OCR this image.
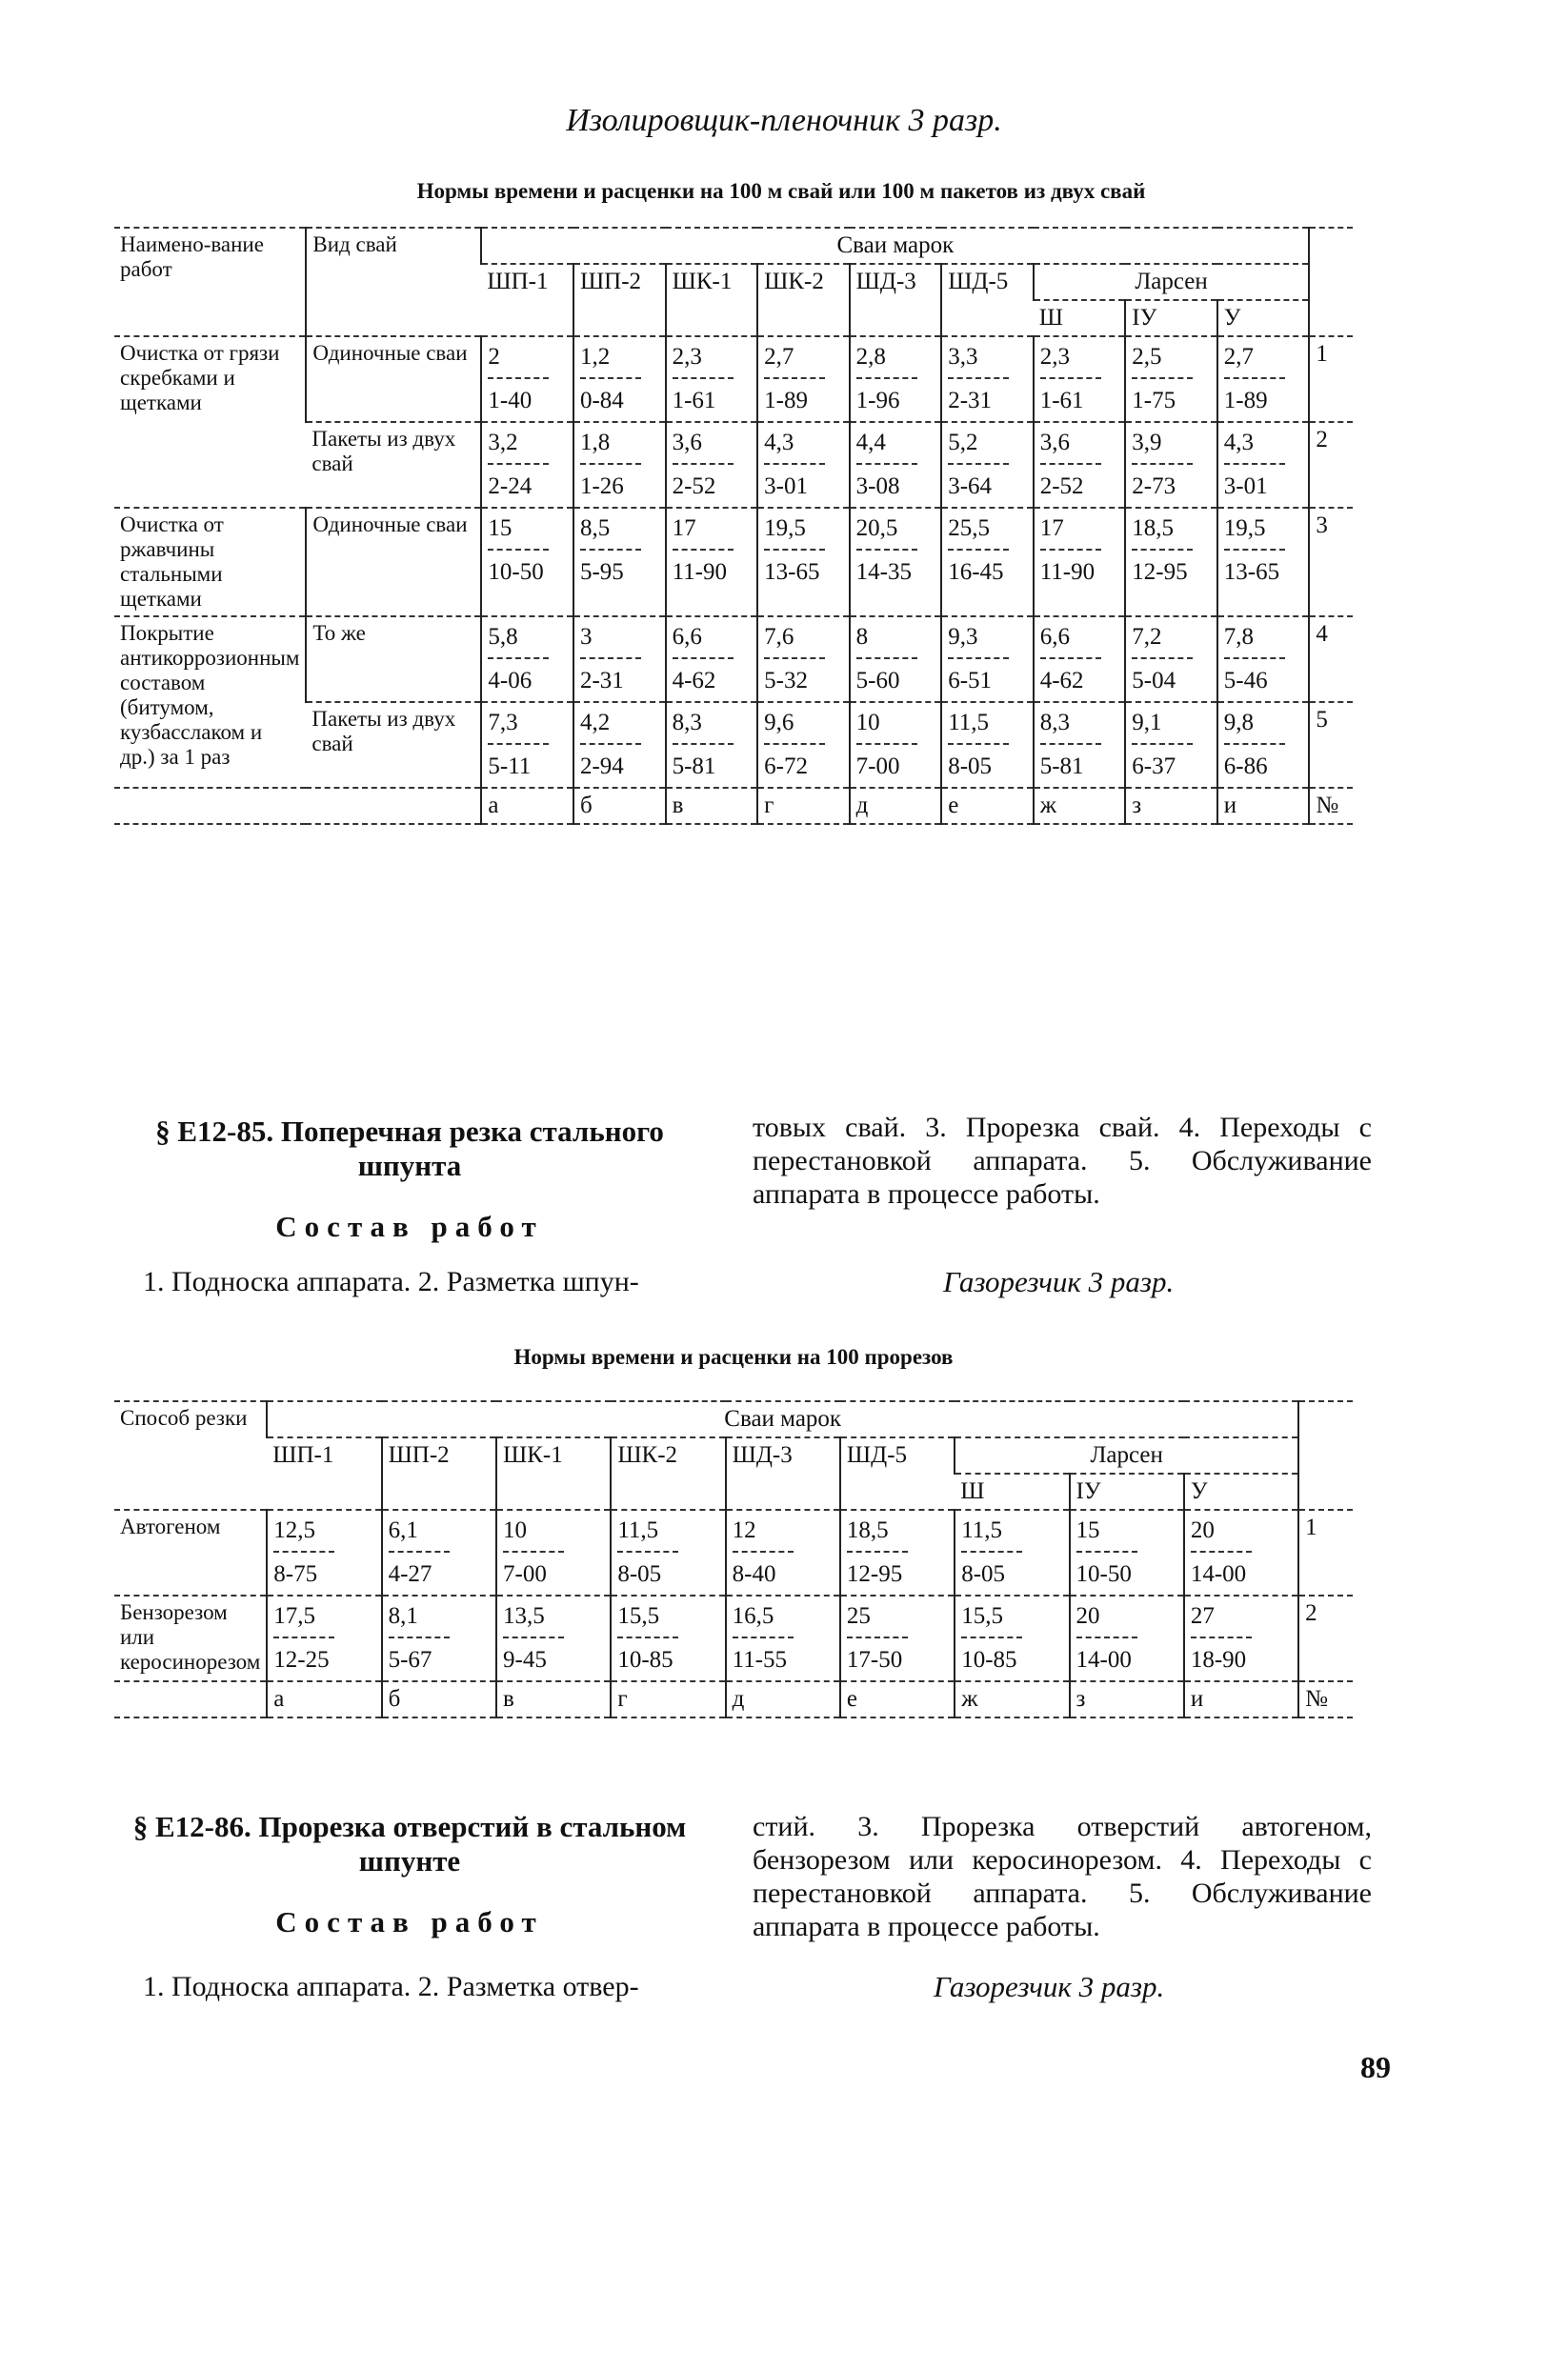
Изолировщик-пленочник 3 разр.
Нормы времени и расценки на 100 м свай или 100 м пакетов из двух свай
Наимено-вание работ	Вид свай	Сваи марок									
		ШП-1	ШП-2	ШК-1	ШК-2	ШД-3	ШД-5	Ларсен			
								Ш	ІУ	У	
Очистка от грязи скребками и щетками	Одиночные сваи	$\frac{2}{1-40}$	$\frac{1,2}{0-84}$	$\frac{2,3}{1-61}$	$\frac{2,7}{1-89}$	$\frac{2,8}{1-96}$	$\frac{3,3}{2-31}$	$\frac{2,3}{1-61}$	$\frac{2,5}{1-75}$	$\frac{2,7}{1-89}$	1
	Пакеты из двух свай	$\frac{3,2}{2-24}$	$\frac{1,8}{1-26}$	$\frac{3,6}{2-52}$	$\frac{4,3}{3-01}$	$\frac{4,4}{3-08}$	$\frac{5,2}{3-64}$	$\frac{3,6}{2-52}$	$\frac{3,9}{2-73}$	$\frac{4,3}{3-01}$	2
Очистка от ржавчины стальными щетками	Одиночные сваи	$\frac{15}{10-50}$	$\frac{8,5}{5-95}$	$\frac{17}{11-90}$	$\frac{19,5}{13-65}$	$\frac{20,5}{14-35}$	$\frac{25,5}{16-45}$	$\frac{17}{11-90}$	$\frac{18,5}{12-95}$	$\frac{19,5}{13-65}$	3
Покрытие антикоррозионным составом (битумом, кузбасслаком и др.) за 1 раз	То же	$\frac{5,8}{4-06}$	$\frac{3}{2-31}$	$\frac{6,6}{4-62}$	$\frac{7,6}{5-32}$	$\frac{8}{5-60}$	$\frac{9,3}{6-51}$	$\frac{6,6}{4-62}$	$\frac{7,2}{5-04}$	$\frac{7,8}{5-46}$	4
	Пакеты из двух свай	$\frac{7,3}{5-11}$	$\frac{4,2}{2-94}$	$\frac{8,3}{5-81}$	$\frac{9,6}{6-72}$	$\frac{10}{7-00}$	$\frac{11,5}{8-05}$	$\frac{8,3}{5-81}$	$\frac{9,1}{6-37}$	$\frac{9,8}{6-86}$	5
		а	б	в	г	д	е	ж	з	и	№
§ Е12-85. Поперечная резка стального шпунта
Состав работ
1. Подноска аппарата. 2. Разметка шпун-
товых свай. 3. Прорезка свай. 4. Переходы с перестановкой аппарата. 5. Обслуживание аппарата в процессе работы.
Газорезчик 3 разр.
Нормы времени и расценки на 100 прорезов
Способ резки	Сваи марок									
	ШП-1	ШП-2	ШК-1	ШК-2	ШД-3	ШД-5	Ларсен			
							Ш	ІУ	У	
Автогеном	$\frac{12,5}{8-75}$	$\frac{6,1}{4-27}$	$\frac{10}{7-00}$	$\frac{11,5}{8-05}$	$\frac{12}{8-40}$	$\frac{18,5}{12-95}$	$\frac{11,5}{8-05}$	$\frac{15}{10-50}$	$\frac{20}{14-00}$	1
Бензорезом или керосинорезом	$\frac{17,5}{12-25}$	$\frac{8,1}{5-67}$	$\frac{13,5}{9-45}$	$\frac{15,5}{10-85}$	$\frac{16,5}{11-55}$	$\frac{25}{17-50}$	$\frac{15,5}{10-85}$	$\frac{20}{14-00}$	$\frac{27}{18-90}$	2
	а	б	в	г	д	е	ж	з	и	№
§ Е12-86. Прорезка отверстий в стальном шпунте
Состав работ
1. Подноска аппарата. 2. Разметка отвер-
стий. 3. Прорезка отверстий автогеном, бензорезом или керосинорезом. 4. Переходы с перестановкой аппарата. 5. Обслуживание аппарата в процессе работы.
Газорезчик 3 разр.
89
